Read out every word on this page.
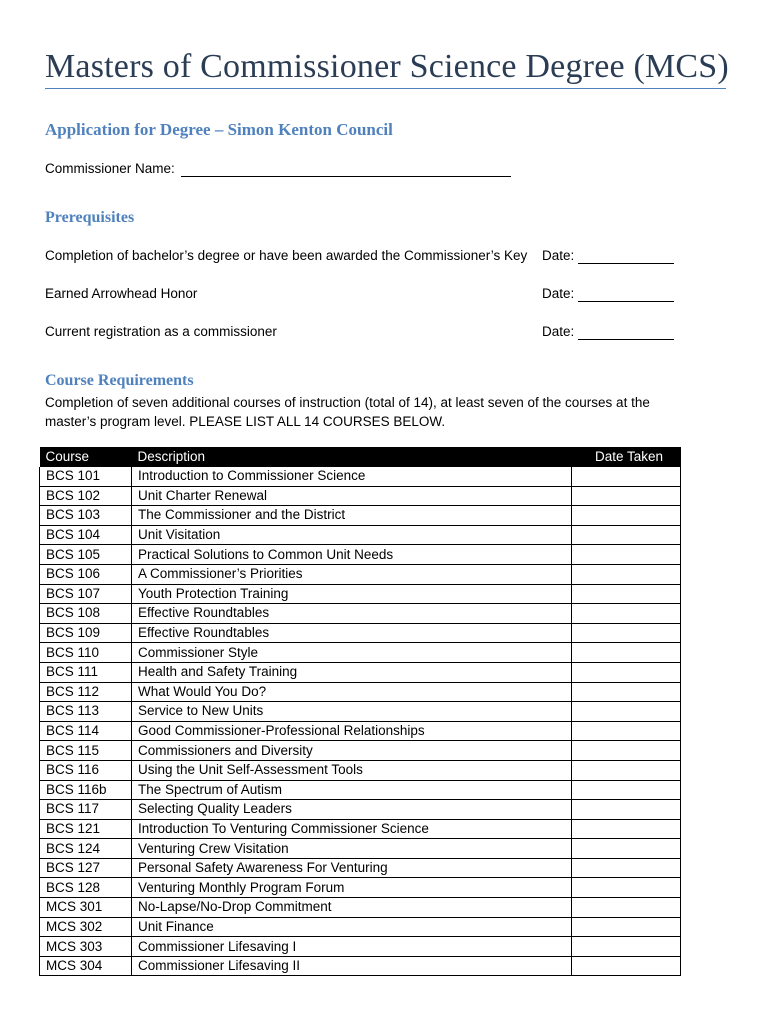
Masters of Commissioner Science Degree (MCS)
Application for Degree – Simon Kenton Council
Commissioner Name:
Prerequisites
Completion of bachelor’s degree or have been awarded the Commissioner’s Key Date:
Earned Arrowhead Honor	Date:
Current registration as a commissioner	Date:
Course Requirements
Completion of seven additional courses of instruction (total of 14), at least seven of the courses at the master’s program level. PLEASE LIST ALL 14 COURSES BELOW.
Course	Description	Date Taken
BCS 101	Introduction to Commissioner Science	
BCS 102	Unit Charter Renewal	
BCS 103	The Commissioner and the District	
BCS 104	Unit Visitation	
BCS 105	Practical Solutions to Common Unit Needs	
BCS 106	A Commissioner’s Priorities	
BCS 107	Youth Protection Training	
BCS 108	Effective Roundtables	
BCS 109	Effective Roundtables	
BCS 110	Commissioner Style	
BCS 111	Health and Safety Training	
BCS 112	What Would You Do?	
BCS 113	Service to New Units	
BCS 114	Good Commissioner-Professional Relationships	
BCS 115	Commissioners and Diversity	
BCS 116	Using the Unit Self-Assessment Tools	
BCS 116b	The Spectrum of Autism	
BCS 117	Selecting Quality Leaders	
BCS 121	Introduction To Venturing Commissioner Science	
BCS 124	Venturing Crew Visitation	
BCS 127	Personal Safety Awareness For Venturing	
BCS 128	Venturing Monthly Program Forum	
MCS 301	No-Lapse/No-Drop Commitment	
MCS 302	Unit Finance	
MCS 303	Commissioner Lifesaving I	
MCS 304	Commissioner Lifesaving II	
